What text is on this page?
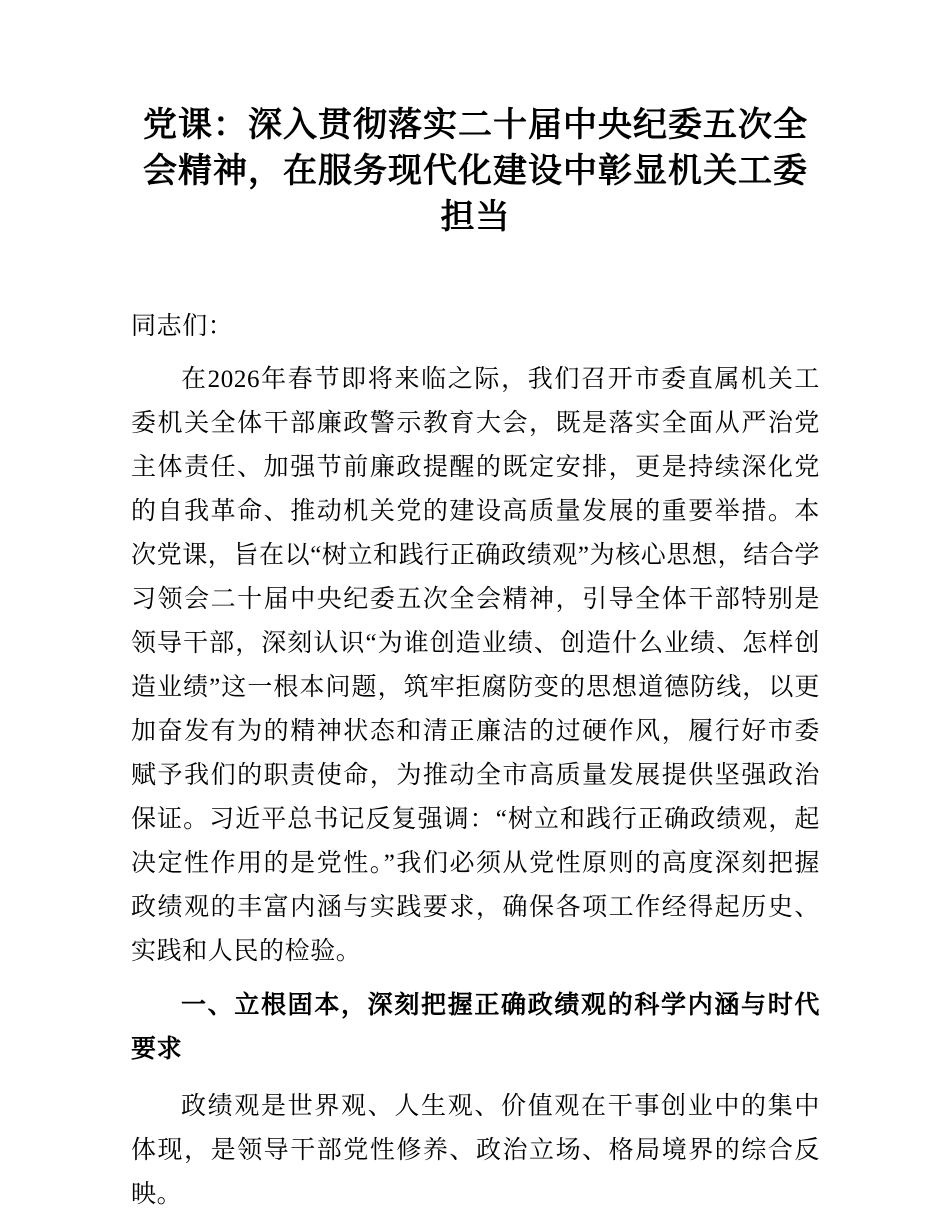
党课：深入贯彻落实二十届中央纪委五次全会精神，在服务现代化建设中彰显机关工委担当

同志们：

在2026年春节即将来临之际，我们召开市委直属机关工委机关全体干部廉政警示教育大会，既是落实全面从严治党主体责任、加强节前廉政提醒的既定安排，更是持续深化党的自我革命、推动机关党的建设高质量发展的重要举措。本次党课，旨在以“树立和践行正确政绩观”为核心思想，结合学习领会二十届中央纪委五次全会精神，引导全体干部特别是领导干部，深刻认识“为谁创造业绩、创造什么业绩、怎样创造业绩”这一根本问题，筑牢拒腐防变的思想道德防线，以更加奋发有为的精神状态和清正廉洁的过硬作风，履行好市委赋予我们的职责使命，为推动全市高质量发展提供坚强政治保证。习近平总书记反复强调：“树立和践行正确政绩观，起决定性作用的是党性。”我们必须从党性原则的高度深刻把握政绩观的丰富内涵与实践要求，确保各项工作经得起历史、实践和人民的检验。

一、立根固本，深刻把握正确政绩观的科学内涵与时代要求

政绩观是世界观、人生观、价值观在干事创业中的集中体现，是领导干部党性修养、政治立场、格局境界的综合反映。
